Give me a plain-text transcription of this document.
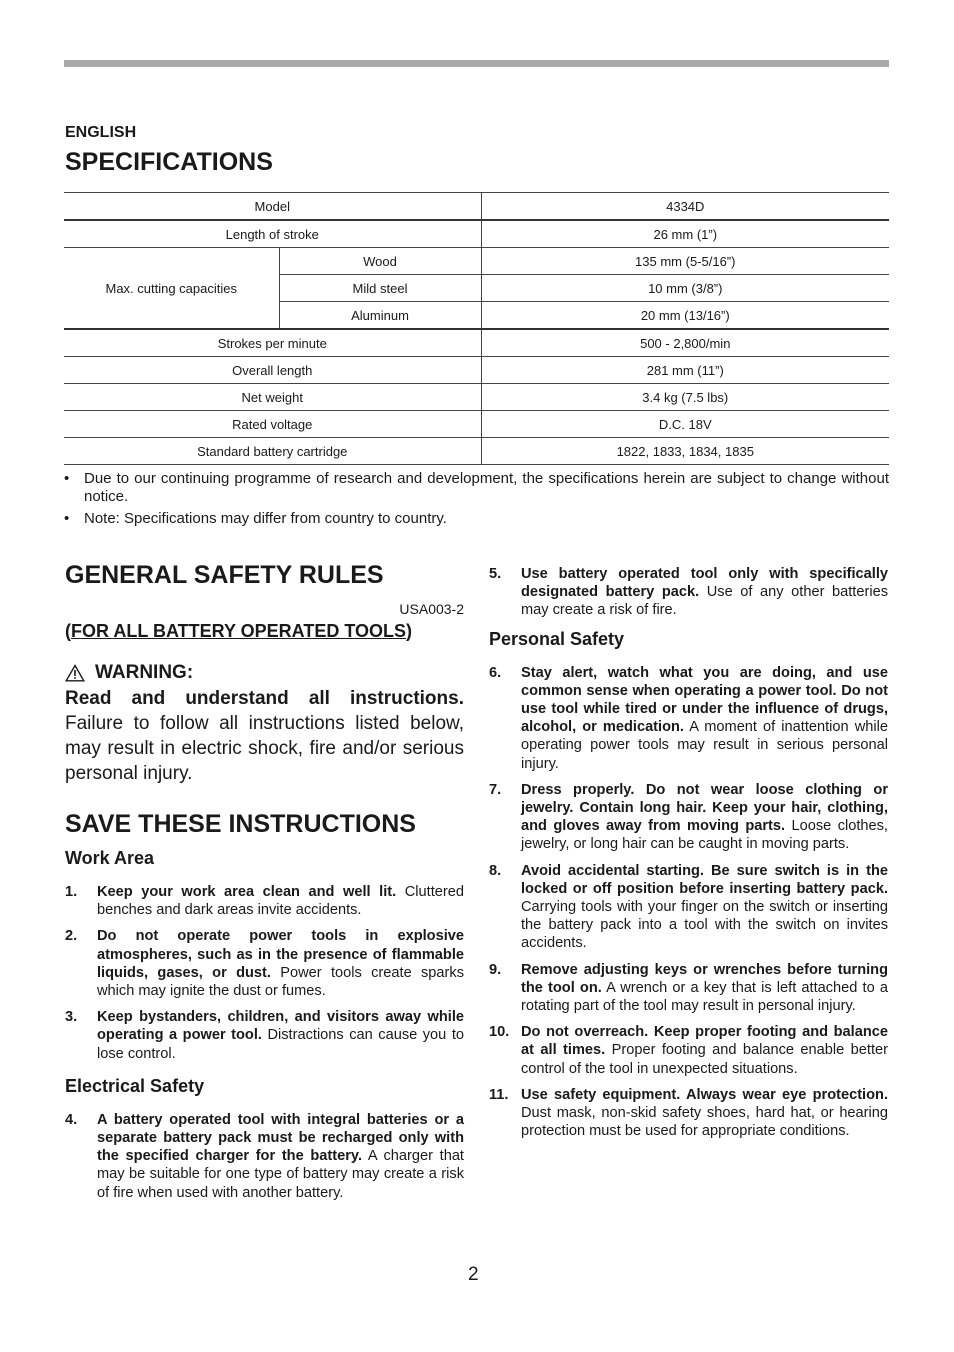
ENGLISH
SPECIFICATIONS
Model		4334D
Length of stroke		26 mm (1”)
Max. cutting capacities	Wood	135 mm (5-5/16”)
	Mild steel	10 mm (3/8”)
	Aluminum	20 mm (13/16”)
Strokes per minute		500 - 2,800/min
Overall length		281 mm (11”)
Net weight		3.4 kg (7.5 lbs)
Rated voltage		D.C. 18V
Standard battery cartridge		1822, 1833, 1834, 1835
• Due to our continuing programme of research and development, the specifications herein are subject to change without notice.
• Note: Specifications may differ from country to country.
GENERAL SAFETY RULES
USA003-2
(FOR ALL BATTERY OPERATED TOOLS)
WARNING:
Read and understand all instructions. Failure to follow all instructions listed below, may result in electric shock, fire and/or serious personal injury.
SAVE THESE INSTRUCTIONS
Work Area
1. Keep your work area clean and well lit. Cluttered benches and dark areas invite accidents.
2. Do not operate power tools in explosive atmospheres, such as in the presence of flammable liquids, gases, or dust. Power tools create sparks which may ignite the dust or fumes.
3. Keep bystanders, children, and visitors away while operating a power tool. Distractions can cause you to lose control.
Electrical Safety
4. A battery operated tool with integral batteries or a separate battery pack must be recharged only with the specified charger for the battery. A charger that may be suitable for one type of battery may create a risk of fire when used with another battery.
5. Use battery operated tool only with specifically designated battery pack. Use of any other batteries may create a risk of fire.
Personal Safety
6. Stay alert, watch what you are doing, and use common sense when operating a power tool. Do not use tool while tired or under the influence of drugs, alcohol, or medication. A moment of inattention while operating power tools may result in serious personal injury.
7. Dress properly. Do not wear loose clothing or jewelry. Contain long hair. Keep your hair, clothing, and gloves away from moving parts. Loose clothes, jewelry, or long hair can be caught in moving parts.
8. Avoid accidental starting. Be sure switch is in the locked or off position before inserting battery pack. Carrying tools with your finger on the switch or inserting the battery pack into a tool with the switch on invites accidents.
9. Remove adjusting keys or wrenches before turning the tool on. A wrench or a key that is left attached to a rotating part of the tool may result in personal injury.
10. Do not overreach. Keep proper footing and balance at all times. Proper footing and balance enable better control of the tool in unexpected situations.
11. Use safety equipment. Always wear eye protection. Dust mask, non-skid safety shoes, hard hat, or hearing protection must be used for appropriate conditions.
2
